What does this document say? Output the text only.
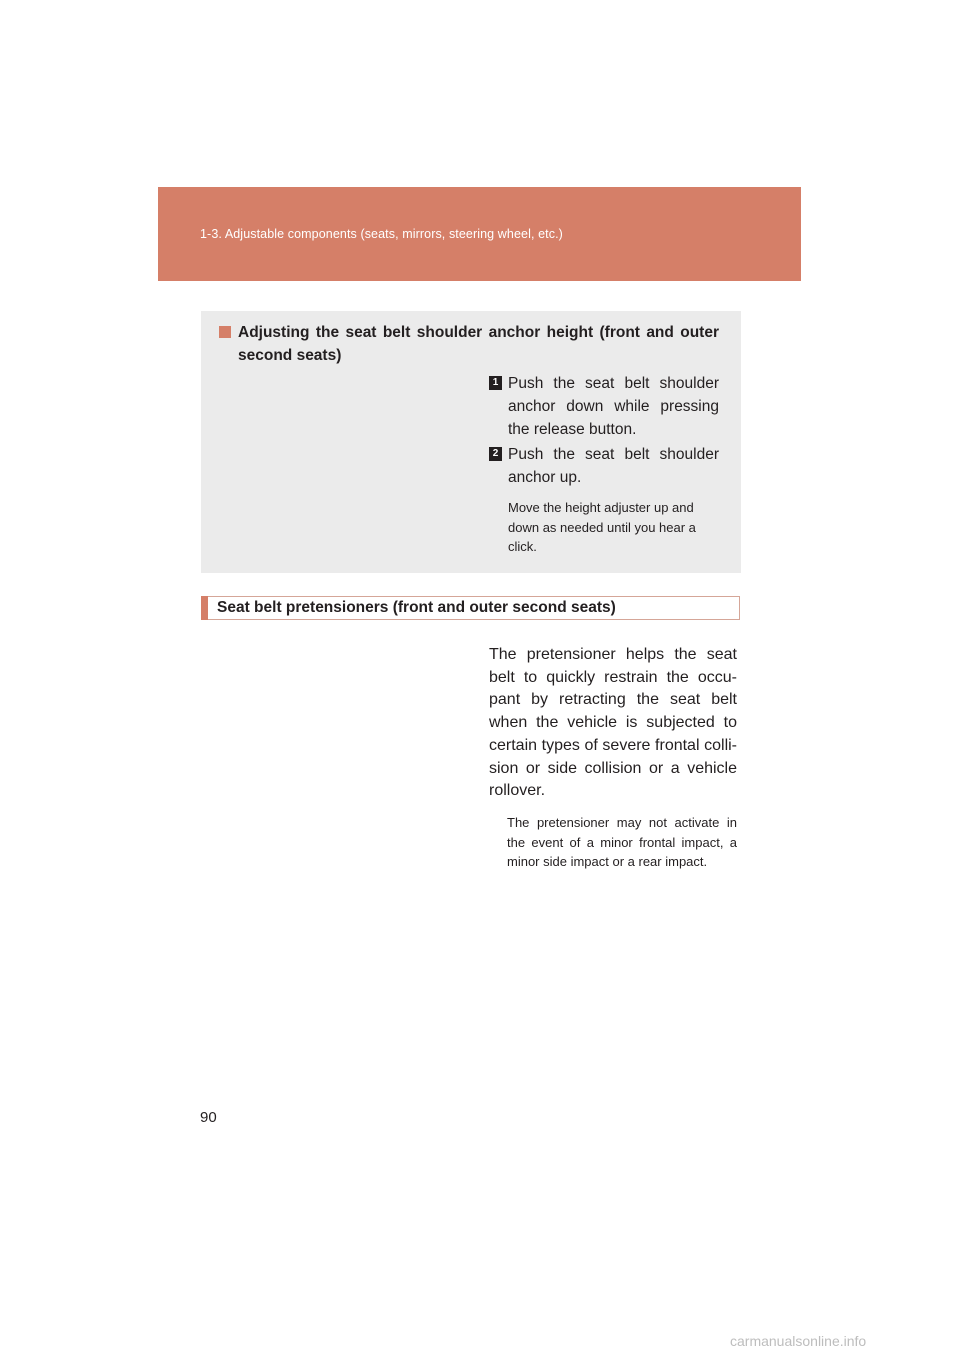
1-3. Adjustable components (seats, mirrors, steering wheel, etc.)
Adjusting the seat belt shoulder anchor height (front and outer second seats)
1 Push the seat belt shoulder anchor down while pressing the release button.
2 Push the seat belt shoulder anchor up.
Move the height adjuster up and down as needed until you hear a click.
Seat belt pretensioners (front and outer second seats)
The pretensioner helps the seat belt to quickly restrain the occu-pant by retracting the seat belt when the vehicle is subjected to certain types of severe frontal colli-sion or side collision or a vehicle rollover.
The pretensioner may not activate in the event of a minor frontal impact, a minor side impact or a rear impact.
90
carmanualsonline.info
